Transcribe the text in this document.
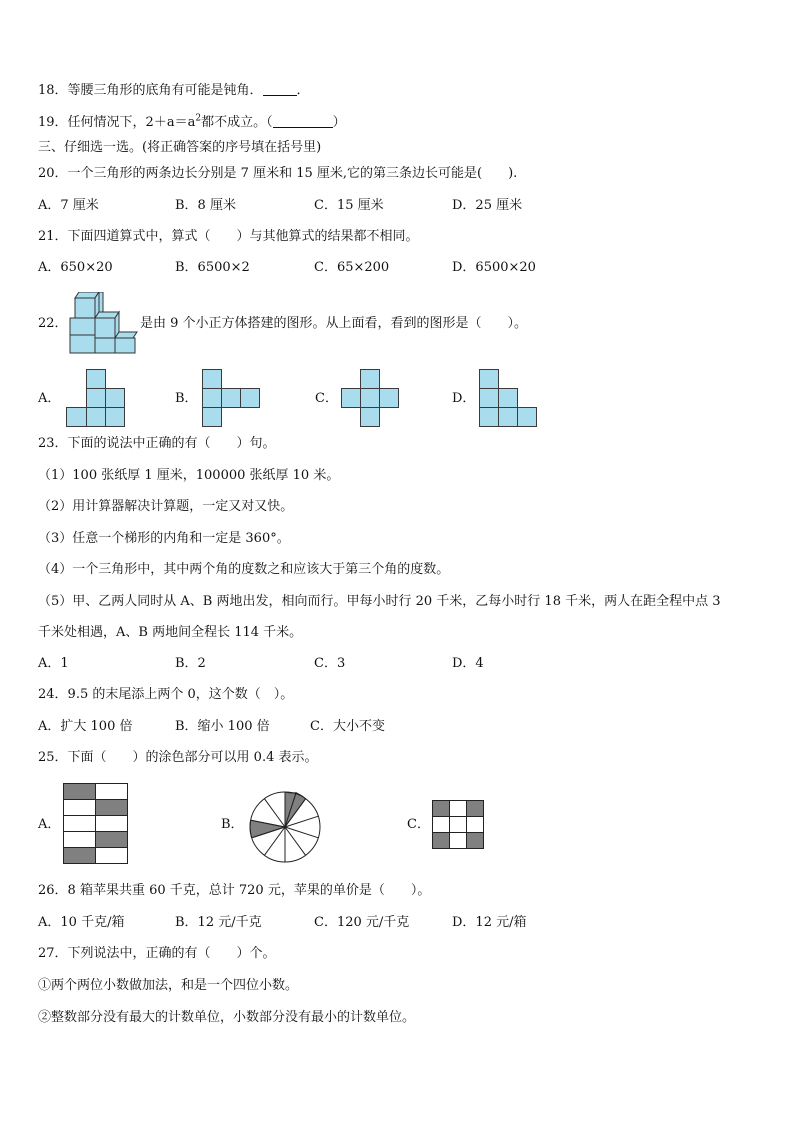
18．等腰三角形的底角有可能是钝角．	．
19．任何情况下，$2+a=a^2$都不成立。（	）
三、仔细选一选。(将正确答案的序号填在括号里)
20．一个三角形的两条边长分别是 7 厘米和 15 厘米,它的第三条边长可能是(　　).
A．7 厘米	B．8 厘米	C．15 厘米	D．25 厘米
21．下面四道算式中，算式（　　）与其他算式的结果都不相同。
A．650×20	B．6500×2	C．65×200	D．6500×20
22．	是由 9 个小正方体搭建的图形。从上面看，看到的图形是（　　）。
A．	B．	C．	D．
23．下面的说法中正确的有（　　）句。
（1）100 张纸厚 1 厘米，100000 张纸厚 10 米。
（2）用计算器解决计算题，一定又对又快。
（3）任意一个梯形的内角和一定是 360°。
（4）一个三角形中，其中两个角的度数之和应该大于第三个角的度数。
（5）甲、乙两人同时从 A、B 两地出发，相向而行。甲每小时行 20 千米，乙每小时行 18 千米，两人在距全程中点 3
千米处相遇，A、B 两地间全程长 114 千米。
A．1	B．2	C．3	D．4
24．9.5 的末尾添上两个 0，这个数（　）。
A．扩大 100 倍	B．缩小 100 倍	C．大小不变
25．下面（　　）的涂色部分可以用 0.4 表示。
A．	B．	C．
26．8 箱苹果共重 60 千克，总计 720 元，苹果的单价是（　　）。
A．10 千克/箱	B．12 元/千克	C．120 元/千克	D．12 元/箱
27．下列说法中，正确的有（　　）个。
①两个两位小数做加法，和是一个四位小数。
②整数部分没有最大的计数单位，小数部分没有最小的计数单位。
